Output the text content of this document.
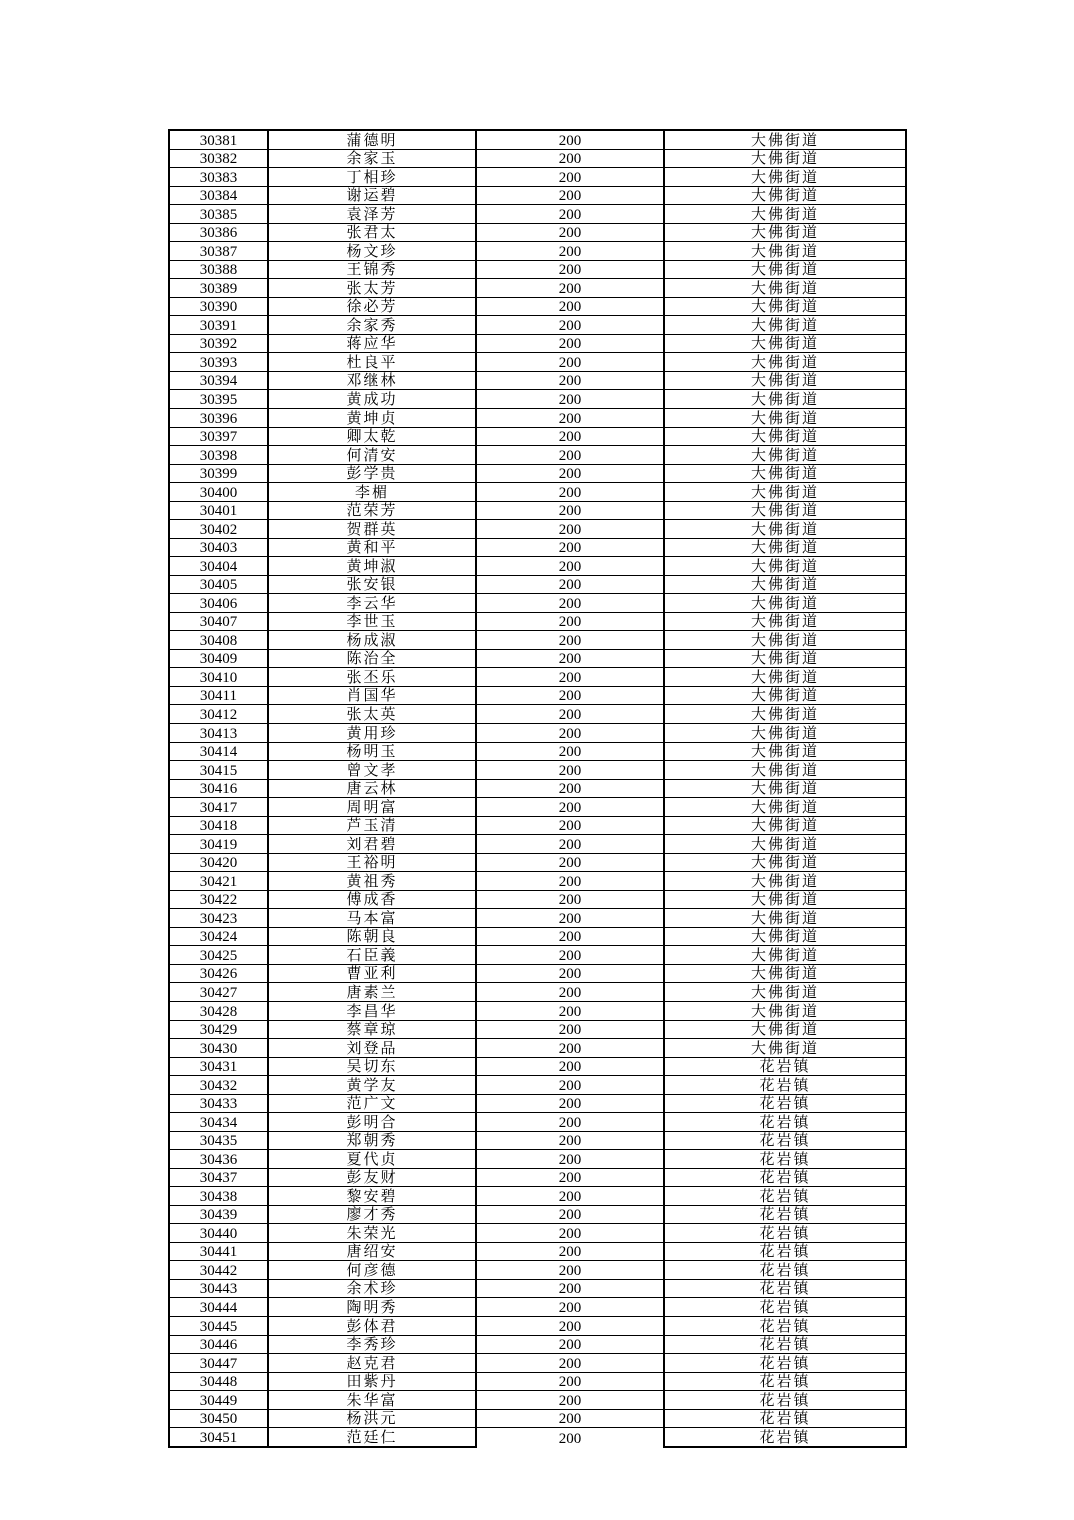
30381	蒲德明	200	大佛街道
30382	余家玉	200	大佛街道
30383	丁相珍	200	大佛街道
30384	谢运碧	200	大佛街道
30385	袁泽芳	200	大佛街道
30386	张君太	200	大佛街道
30387	杨文珍	200	大佛街道
30388	王锦秀	200	大佛街道
30389	张太芳	200	大佛街道
30390	徐必芳	200	大佛街道
30391	余家秀	200	大佛街道
30392	蒋应华	200	大佛街道
30393	杜良平	200	大佛街道
30394	邓继林	200	大佛街道
30395	黄成功	200	大佛街道
30396	黄坤贞	200	大佛街道
30397	卿太乾	200	大佛街道
30398	何清安	200	大佛街道
30399	彭学贵	200	大佛街道
30400	李楣	200	大佛街道
30401	范荣芳	200	大佛街道
30402	贺群英	200	大佛街道
30403	黄和平	200	大佛街道
30404	黄坤淑	200	大佛街道
30405	张安银	200	大佛街道
30406	李云华	200	大佛街道
30407	李世玉	200	大佛街道
30408	杨成淑	200	大佛街道
30409	陈治全	200	大佛街道
30410	张丕乐	200	大佛街道
30411	肖国华	200	大佛街道
30412	张太英	200	大佛街道
30413	黄用珍	200	大佛街道
30414	杨明玉	200	大佛街道
30415	曾文孝	200	大佛街道
30416	唐云林	200	大佛街道
30417	周明富	200	大佛街道
30418	芦玉清	200	大佛街道
30419	刘君碧	200	大佛街道
30420	王裕明	200	大佛街道
30421	黄祖秀	200	大佛街道
30422	傅成香	200	大佛街道
30423	马本富	200	大佛街道
30424	陈朝良	200	大佛街道
30425	石臣義	200	大佛街道
30426	曹亚利	200	大佛街道
30427	唐素兰	200	大佛街道
30428	李昌华	200	大佛街道
30429	蔡章琼	200	大佛街道
30430	刘登品	200	大佛街道
30431	吴切东	200	花岩镇
30432	黄学友	200	花岩镇
30433	范广文	200	花岩镇
30434	彭明合	200	花岩镇
30435	郑朝秀	200	花岩镇
30436	夏代贞	200	花岩镇
30437	彭友财	200	花岩镇
30438	黎安碧	200	花岩镇
30439	廖才秀	200	花岩镇
30440	朱荣光	200	花岩镇
30441	唐绍安	200	花岩镇
30442	何彦德	200	花岩镇
30443	余术珍	200	花岩镇
30444	陶明秀	200	花岩镇
30445	彭体君	200	花岩镇
30446	李秀珍	200	花岩镇
30447	赵克君	200	花岩镇
30448	田紫丹	200	花岩镇
30449	朱华富	200	花岩镇
30450	杨洪元	200	花岩镇
30451	范廷仁	200	花岩镇
